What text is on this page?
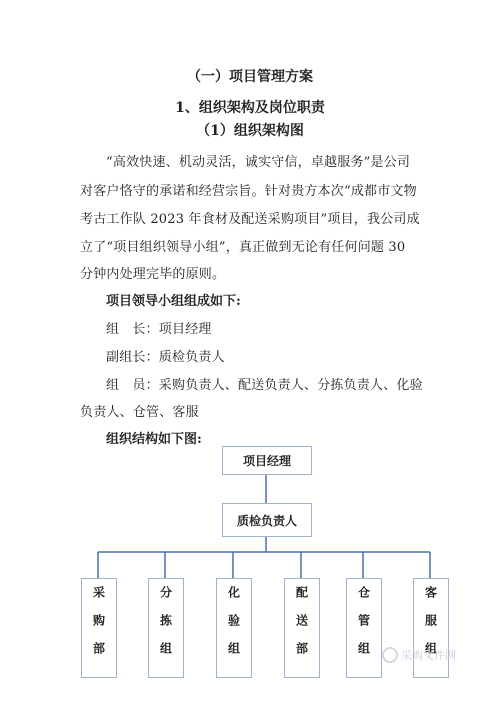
（一）项目管理方案
1、组织架构及岗位职责
（1）组织架构图
“高效快速、机动灵活，诚实守信，卓越服务”是公司
对客户恪守的承诺和经营宗旨。针对贵方本次“成都市文物
考古工作队 2023 年食材及配送采购项目”项目，我公司成
立了“项目组织领导小组”，真正做到无论有任何问题 30
分钟内处理完毕的原则。
项目领导小组组成如下:
组　长：项目经理
副组长：质检负责人
组　员：采购负责人、配送负责人、分拣负责人、化验
负责人、仓管、客服
组织结构如下图:
项目经理
质检负责人
采购部	分拣组	化验组	配送部	仓管组	客服组
采购文件网
